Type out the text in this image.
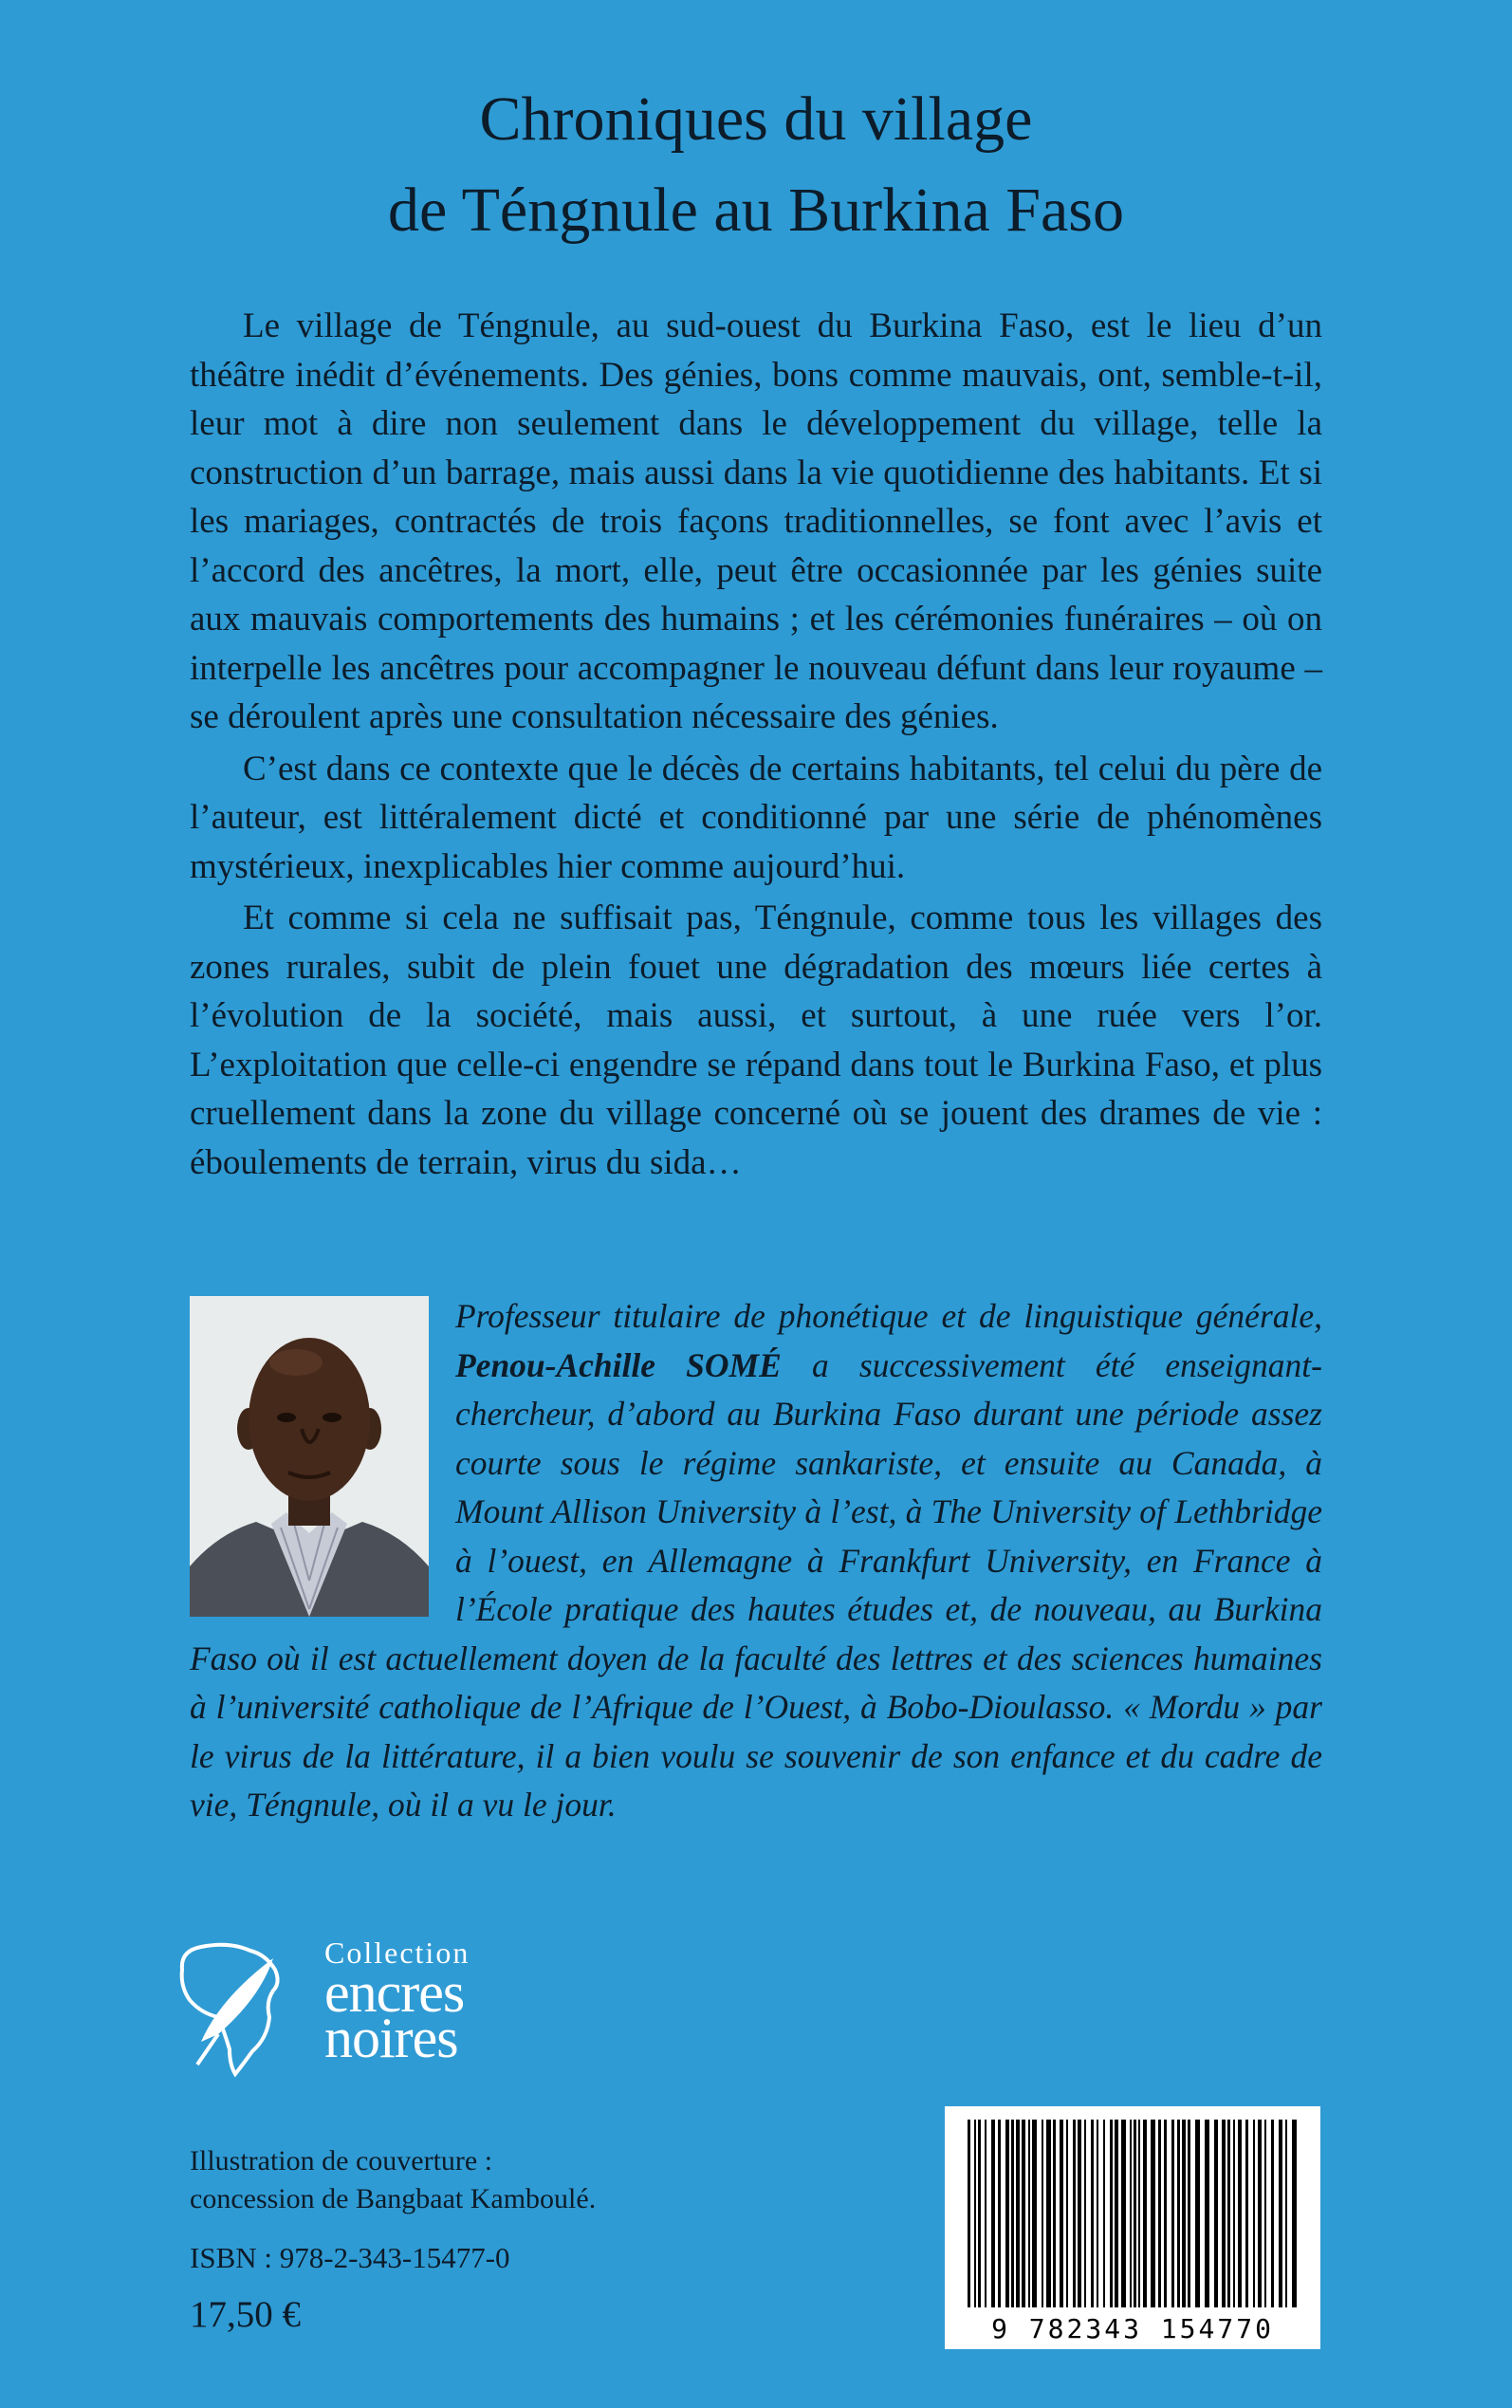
Chroniques du village
de Téngnule au Burkina Faso

Le village de Téngnule, au sud-ouest du Burkina Faso, est le lieu d’un théâtre inédit d’événements. Des génies, bons comme mauvais, ont, semble-t-il, leur mot à dire non seulement dans le développement du village, telle la construction d’un barrage, mais aussi dans la vie quotidienne des habitants. Et si les mariages, contractés de trois façons traditionnelles, se font avec l’avis et l’accord des ancêtres, la mort, elle, peut être occasionnée par les génies suite aux mauvais comportements des humains ; et les cérémonies funéraires – où on interpelle les ancêtres pour accompagner le nouveau défunt dans leur royaume – se déroulent après une consultation nécessaire des génies.

C’est dans ce contexte que le décès de certains habitants, tel celui du père de l’auteur, est littéralement dicté et conditionné par une série de phénomènes mystérieux, inexplicables hier comme aujourd’hui.

Et comme si cela ne suffisait pas, Téngnule, comme tous les villages des zones rurales, subit de plein fouet une dégradation des mœurs liée certes à l’évolution de la société, mais aussi, et surtout, à une ruée vers l’or. L’exploitation que celle-ci engendre se répand dans tout le Burkina Faso, et plus cruellement dans la zone du village concerné où se jouent des drames de vie : éboulements de terrain, virus du sida…

Professeur titulaire de phonétique et de linguistique générale, Penou-Achille SOMÉ a successivement été enseignant-chercheur, d’abord au Burkina Faso durant une période assez courte sous le régime sankariste, et ensuite au Canada, à Mount Allison University à l’est, à The University of Lethbridge à l’ouest, en Allemagne à Frankfurt University, en France à l’École pratique des hautes études et, de nouveau, au Burkina Faso où il est actuellement doyen de la faculté des lettres et des sciences humaines à l’université catholique de l’Afrique de l’Ouest, à Bobo-Dioulasso. « Mordu » par le virus de la littérature, il a bien voulu se souvenir de son enfance et du cadre de vie, Téngnule, où il a vu le jour.

Collection
encres
noires
Illustration de couverture :
concession de Bangbaat Kamboulé.
ISBN : 978-2-343-15477-0
17,50 €	9 782343 154770
